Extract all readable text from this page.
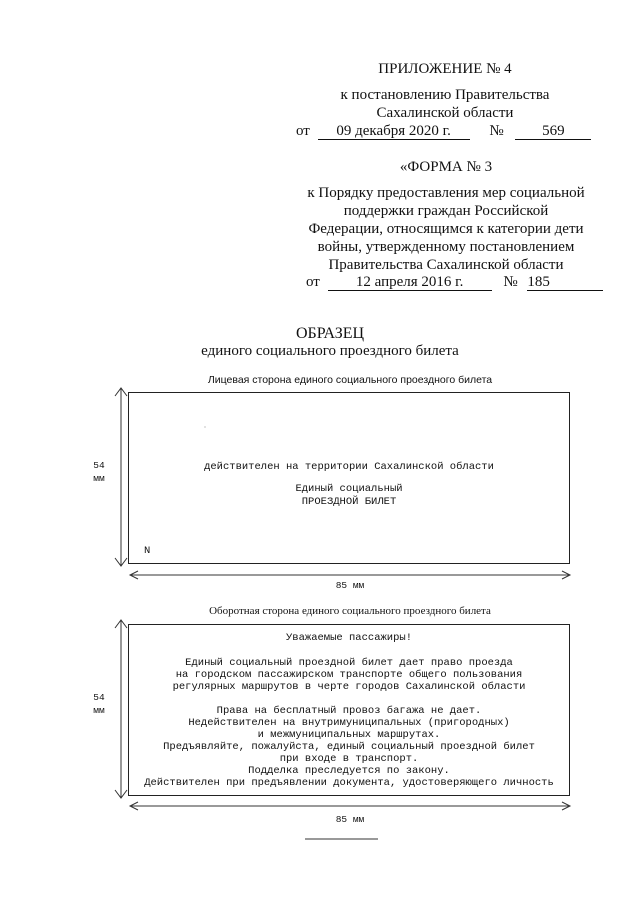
ПРИЛОЖЕНИЕ № 4
к постановлению Правительства
Сахалинской области
от 09 декабря 2020 г.	№	569
«ФОРМА № 3
к Порядку предоставления мер социальной
поддержки граждан Российской
Федерации, относящимся к категории дети
войны, утвержденному постановлением
Правительства Сахалинской области
от 12 апреля 2016 г.	№ 185
ОБРАЗЕЦ
единого социального проездного билета
Лицевая сторона единого социального проездного билета
действителен на территории Сахалинской области
Единый социальный
ПРОЕЗДНОЙ БИЛЕТ
N
54
мм
85 мм
Оборотная сторона единого социального проездного билета
Уважаемые пассажиры!
Единый социальный проездной билет дает право проезда
на городском пассажирском транспорте общего пользования
регулярных маршрутов в черте городов Сахалинской области
Права на бесплатный провоз багажа не дает.
Недействителен на внутримуниципальных (пригородных)
и межмуниципальных маршрутах.
Предъявляйте, пожалуйста, единый социальный проездной билет
при входе в транспорт.
Подделка преследуется по закону.
Действителен при предъявлении документа, удостоверяющего личность
54
мм
85 мм
